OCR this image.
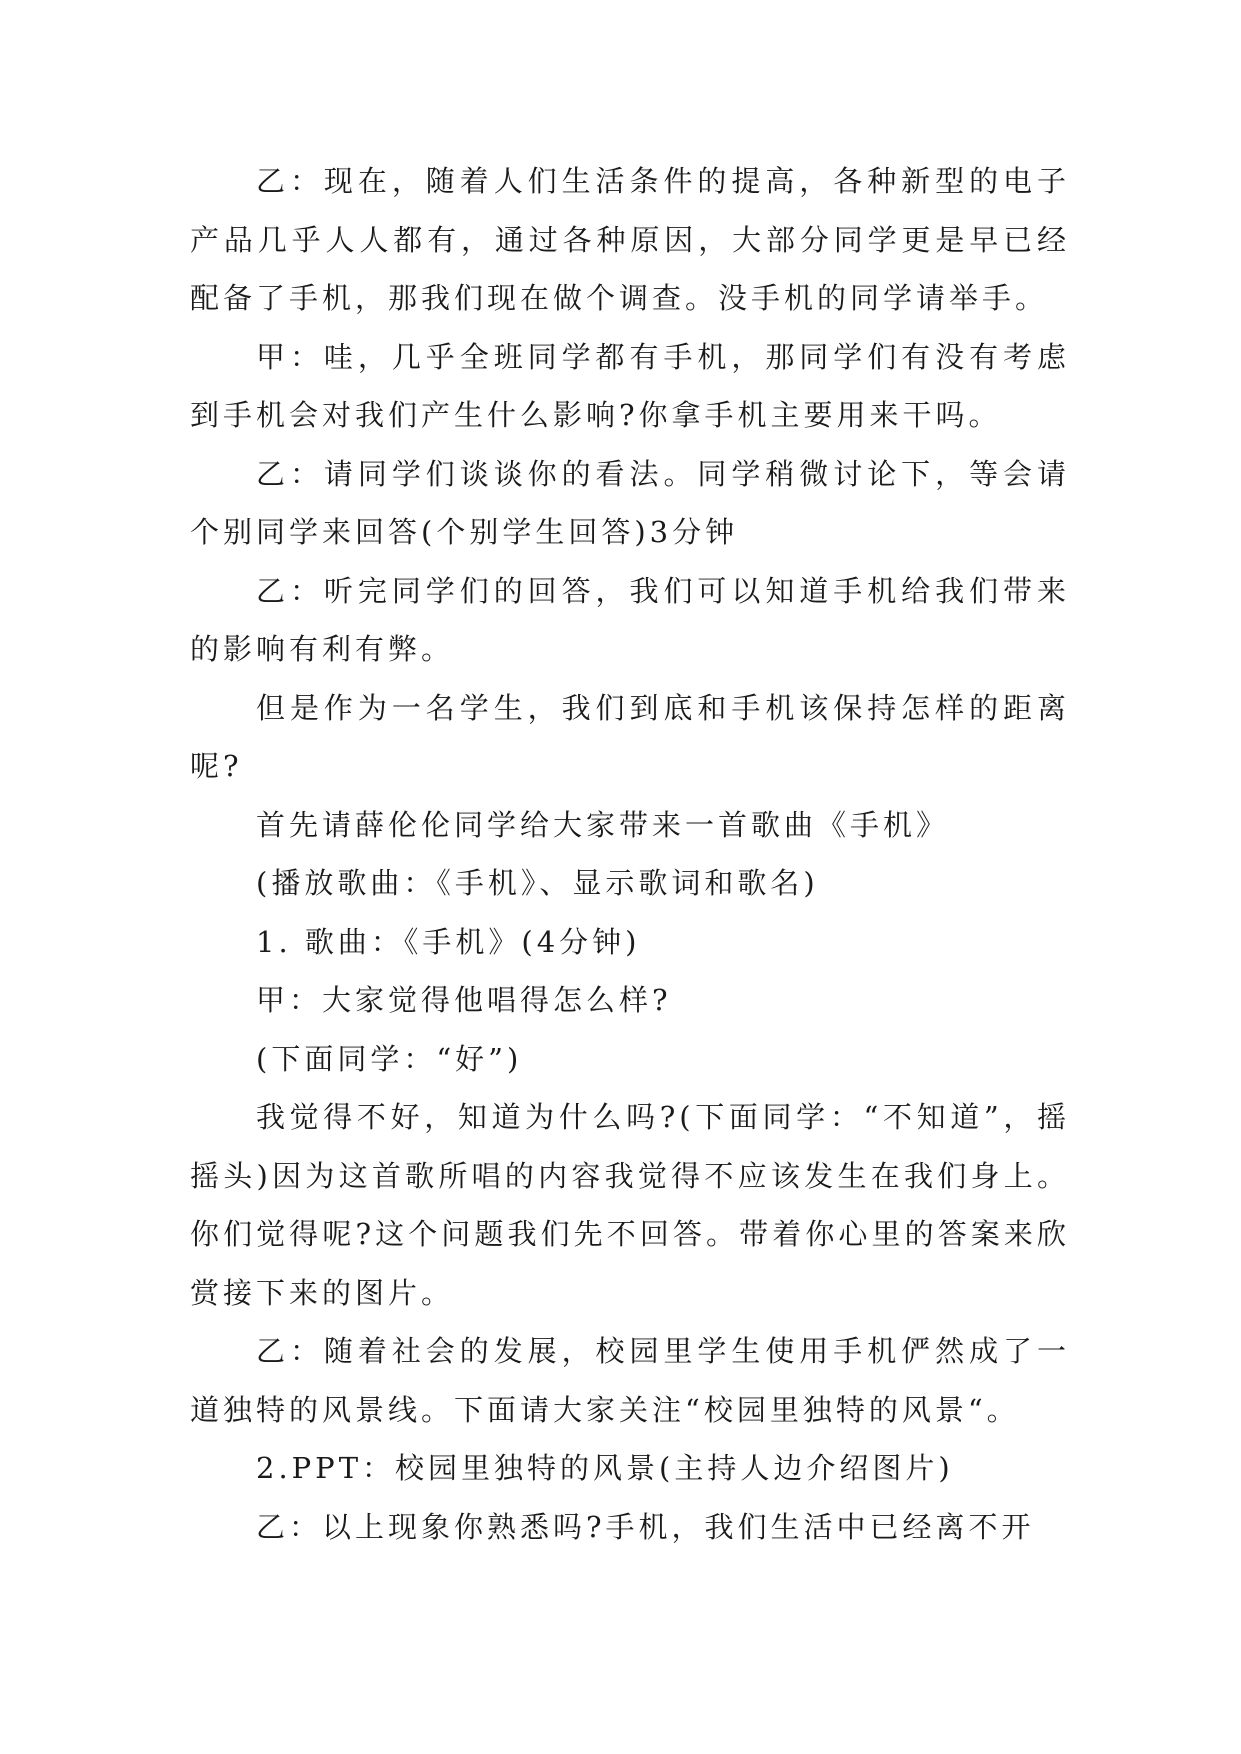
乙：现在，随着人们生活条件的提高，各种新型的电子产品几乎人人都有，通过各种原因，大部分同学更是早已经配备了手机，那我们现在做个调查。没手机的同学请举手。

甲：哇，几乎全班同学都有手机，那同学们有没有考虑到手机会对我们产生什么影响?你拿手机主要用来干吗。

乙：请同学们谈谈你的看法。同学稍微讨论下，等会请个别同学来回答(个别学生回答)3分钟

乙：听完同学们的回答，我们可以知道手机给我们带来的影响有利有弊。

但是作为一名学生，我们到底和手机该保持怎样的距离呢?

首先请薛伦伦同学给大家带来一首歌曲《手机》

(播放歌曲：《手机》、显示歌词和歌名)

1. 歌曲：《手机》(4分钟)

甲：大家觉得他唱得怎么样?

(下面同学：“好”)

我觉得不好，知道为什么吗?(下面同学：“不知道”，摇摇头)因为这首歌所唱的内容我觉得不应该发生在我们身上。你们觉得呢?这个问题我们先不回答。带着你心里的答案来欣赏接下来的图片。

乙：随着社会的发展，校园里学生使用手机俨然成了一道独特的风景线。下面请大家关注“校园里独特的风景“。

2.PPT：校园里独特的风景(主持人边介绍图片)

乙：以上现象你熟悉吗?手机，我们生活中已经离不开
